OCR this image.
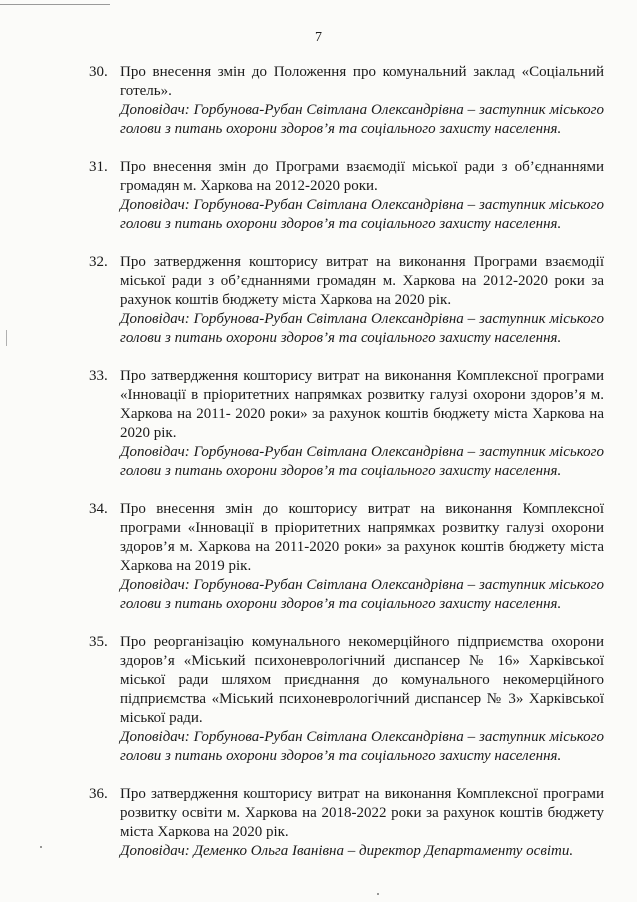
7
30. Про внесення змін до Положення про комунальний заклад «Соціальний готель».

Доповідач: Горбунова-Рубан Світлана Олександрівна – заступник міського голови з питань охорони здоров’я та соціального захисту населення.

31. Про внесення змін до Програми взаємодії міської ради з об’єднаннями громадян м. Харкова на 2012-2020 роки.

Доповідач: Горбунова-Рубан Світлана Олександрівна – заступник міського голови з питань охорони здоров’я та соціального захисту населення.

32. Про затвердження кошторису витрат на виконання Програми взаємодії міської ради з об’єднаннями громадян м. Харкова на 2012-2020 роки за рахунок коштів бюджету міста Харкова на 2020 рік.

Доповідач: Горбунова-Рубан Світлана Олександрівна – заступник міського голови з питань охорони здоров’я та соціального захисту населення.

33. Про затвердження кошторису витрат на виконання Комплексної програми «Інновації в пріоритетних напрямках розвитку галузі охорони здоров’я м. Харкова на 2011- 2020 роки» за рахунок коштів бюджету міста Харкова на 2020 рік.

Доповідач: Горбунова-Рубан Світлана Олександрівна – заступник міського голови з питань охорони здоров’я та соціального захисту населення.

34. Про внесення змін до кошторису витрат на виконання Комплексної програми «Інновації в пріоритетних напрямках розвитку галузі охорони здоров’я м. Харкова на 2011-2020 роки» за рахунок коштів бюджету міста Харкова на 2019 рік.

Доповідач: Горбунова-Рубан Світлана Олександрівна – заступник міського голови з питань охорони здоров’я та соціального захисту населення.

35. Про реорганізацію комунального некомерційного підприємства охорони здоров’я «Міський психоневрологічний диспансер № 16» Харківської міської ради шляхом приєднання до комунального некомерційного підприємства «Міський психоневрологічний диспансер № 3» Харківської міської ради.

Доповідач: Горбунова-Рубан Світлана Олександрівна – заступник міського голови з питань охорони здоров’я та соціального захисту населення.

36. Про затвердження кошторису витрат на виконання Комплексної програми розвитку освіти м. Харкова на 2018-2022 роки за рахунок коштів бюджету міста Харкова на 2020 рік.

Доповідач: Деменко Ольга Іванівна – директор Департаменту освіти.
